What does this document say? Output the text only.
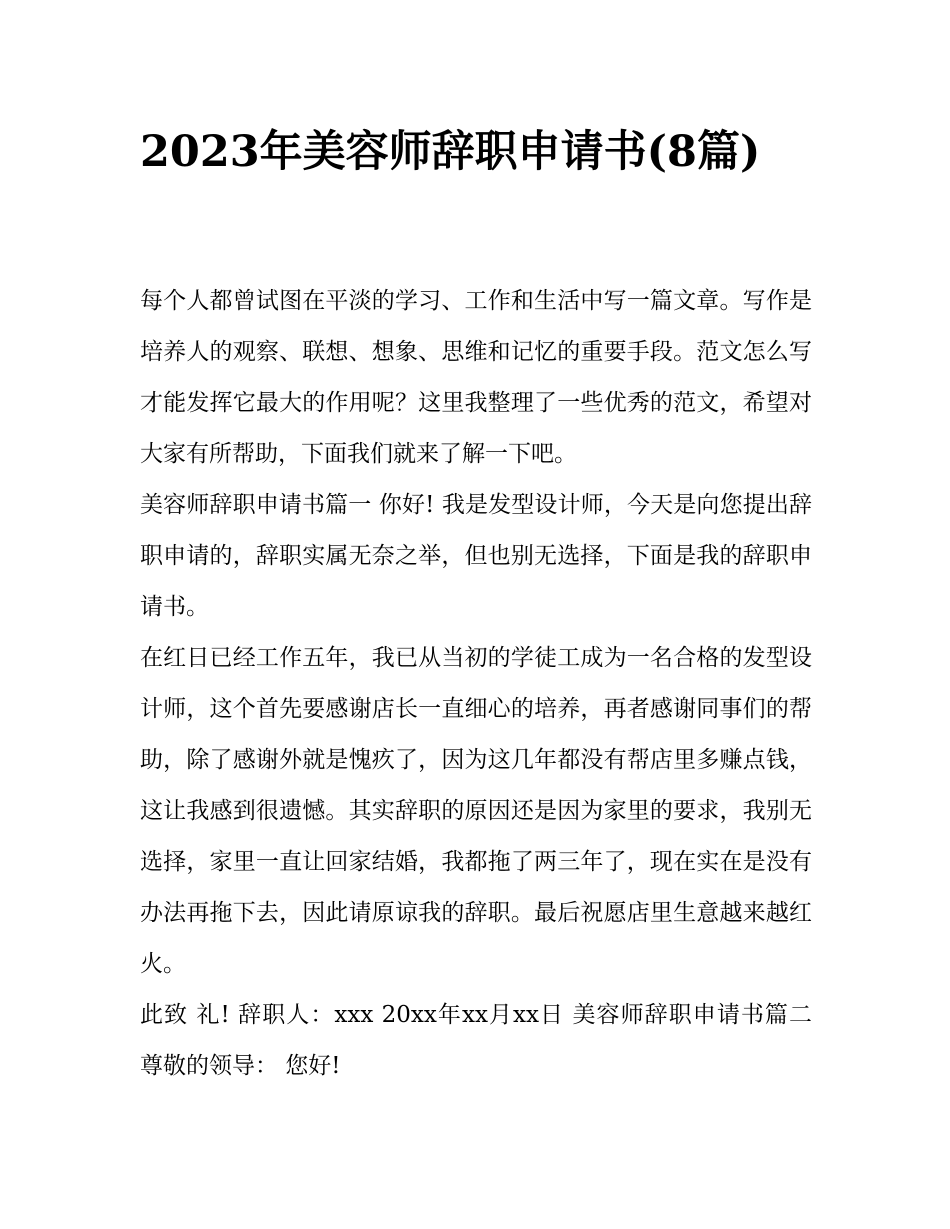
2023年美容师辞职申请书(8篇)

每个人都曾试图在平淡的学习、工作和生活中写一篇文章。写作是培养人的观察、联想、想象、思维和记忆的重要手段。范文怎么写才能发挥它最大的作用呢？这里我整理了一些优秀的范文，希望对大家有所帮助，下面我们就来了解一下吧。

美容师辞职申请书篇一 你好! 我是发型设计师，今天是向您提出辞职申请的，辞职实属无奈之举，但也别无选择，下面是我的辞职申请书。

在红日已经工作五年，我已从当初的学徒工成为一名合格的发型设计师，这个首先要感谢店长一直细心的培养，再者感谢同事们的帮助，除了感谢外就是愧疚了，因为这几年都没有帮店里多赚点钱，这让我感到很遗憾。其实辞职的原因还是因为家里的要求，我别无选择，家里一直让回家结婚，我都拖了两三年了，现在实在是没有办法再拖下去，因此请原谅我的辞职。最后祝愿店里生意越来越红火。

此致 礼! 辞职人：xxx 20xx年xx月xx日 美容师辞职申请书篇二 尊敬的领导： 您好!
